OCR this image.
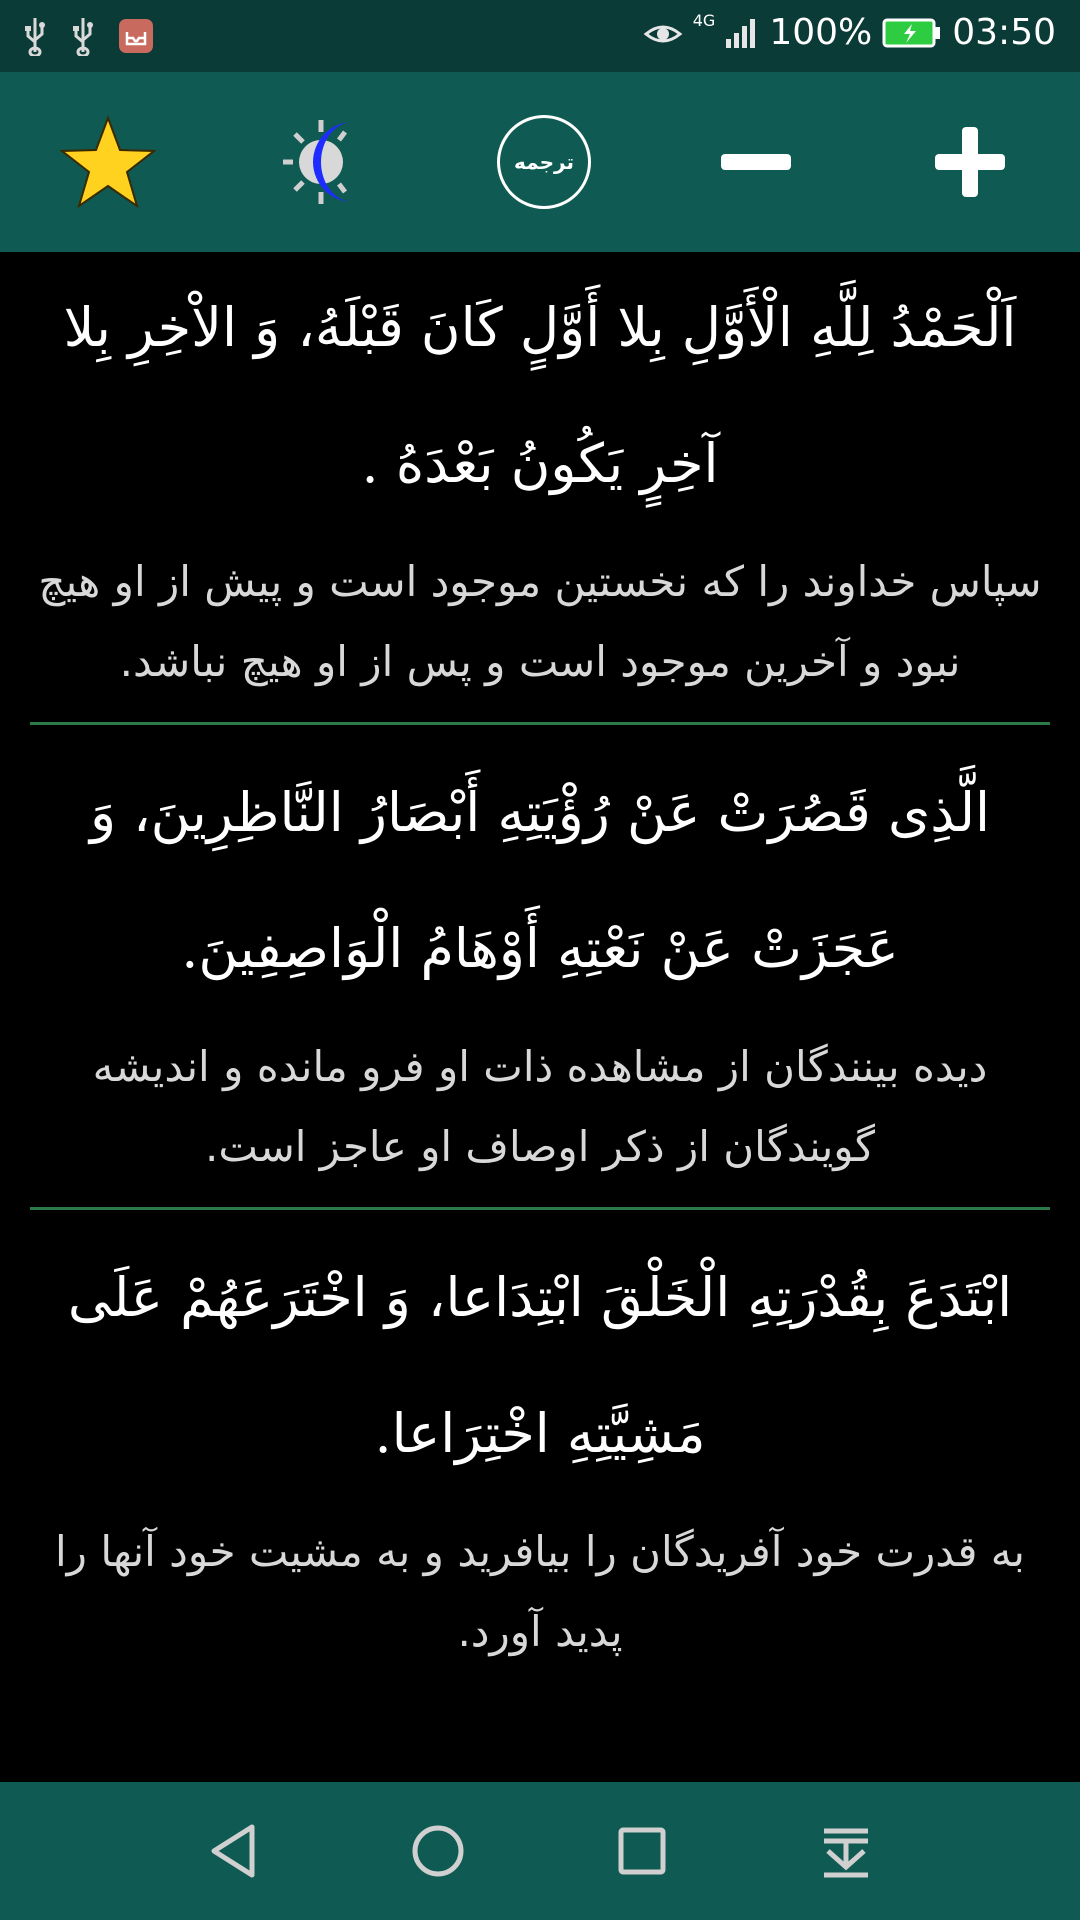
4G 100% 03:50
ترجمه

اَلْحَمْدُ لِلَّهِ الْأَوَّلِ بِلا أَوَّلٍ كَانَ قَبْلَهُ، وَ الاْخِرِ بِلا آخِرٍ يَكُونُ بَعْدَهُ .

سپاس خداوند را که نخستین موجود است و پیش از او هیچ نبود و آخرین موجود است و پس از او هیچ نباشد.

الَّذِی قَصُرَتْ عَنْ رُؤْيَتِهِ أَبْصَارُ النَّاظِرِينَ، وَ عَجَزَتْ عَنْ نَعْتِهِ أَوْهَامُ الْوَاصِفِينَ.

دیده بینندگان از مشاهده ذات او فرو مانده و اندیشه گویندگان از ذکر اوصاف او عاجز است.

ابْتَدَعَ بِقُدْرَتِهِ الْخَلْقَ ابْتِدَاعا، وَ اخْتَرَعَهُمْ عَلَى مَشِيَّتِهِ اخْتِرَاعا.

به قدرت خود آفریدگان را بیافرید و به مشیت خود آنها را پدید آورد.
